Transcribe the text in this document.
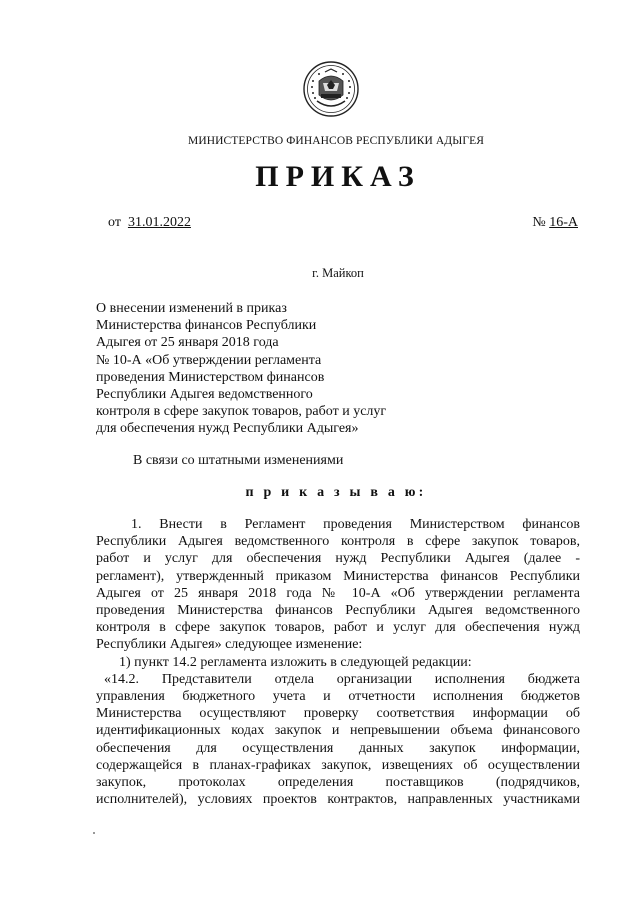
МИНИСТЕРСТВО ФИНАНСОВ РЕСПУБЛИКИ АДЫГЕЯ
ПРИКАЗ
от 31.01.2022	№ 16-А
г. Майкоп
О внесении изменений в приказ
Министерства финансов Республики
Адыгея от 25 января 2018 года
№ 10-А «Об утверждении регламента
проведения Министерством финансов
Республики Адыгея ведомственного
контроля в сфере закупок товаров, работ и услуг
для обеспечения нужд Республики Адыгея»
В связи со штатными изменениями
п р и к а з ы в а ю:
1. Внести в Регламент проведения Министерством финансов
Республики Адыгея ведомственного контроля в сфере закупок товаров,
работ и услуг для обеспечения нужд Республики Адыгея (далее -
регламент), утвержденный приказом Министерства финансов Республики
Адыгея от 25 января 2018 года № 10-А «Об утверждении регламента
проведения Министерства финансов Республики Адыгея ведомственного
контроля в сфере закупок товаров, работ и услуг для обеспечения нужд
Республики Адыгея» следующее изменение:
1) пункт 14.2 регламента изложить в следующей редакции:
«14.2. Представители отдела организации исполнения бюджета
управления бюджетного учета и отчетности исполнения бюджетов
Министерства осуществляют проверку соответствия информации об
идентификационных кодах закупок и непревышении объема финансового
обеспечения для осуществления данных закупок информации,
содержащейся в планах-графиках закупок, извещениях об осуществлении
закупок, протоколах определения поставщиков (подрядчиков,
исполнителей), условиях проектов контрактов, направленных участниками
